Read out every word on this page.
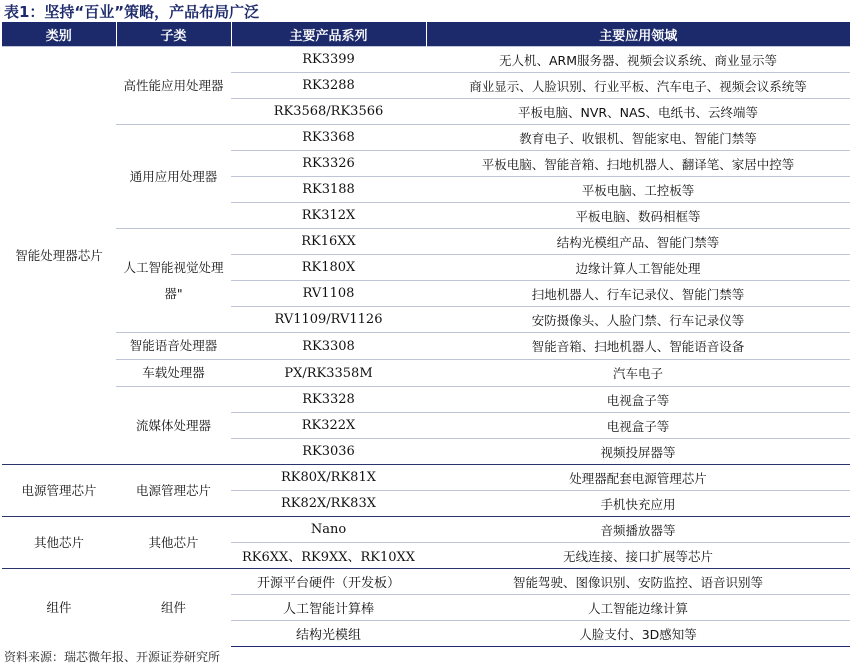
表1：坚持“百业”策略，产品布局广泛
类别	子类	主要产品系列	主要应用领域
智能处理器芯片	高性能应用处理器	RK3399	无人机、ARM服务器、视频会议系统、商业显示等
		RK3288	商业显示、人脸识别、行业平板、汽车电子、视频会议系统等
		RK3568/RK3566	平板电脑、NVR、NAS、电纸书、云终端等
	通用应用处理器	RK3368	教育电子、收银机、智能家电、智能门禁等
		RK3326	平板电脑、智能音箱、扫地机器人、翻译笔、家居中控等
		RK3188	平板电脑、工控板等
		RK312X	平板电脑、数码相框等
	人工智能视觉处理器"	RK16XX	结构光模组产品、智能门禁等
		RK180X	边缘计算人工智能处理
		RV1108	扫地机器人、行车记录仪、智能门禁等
		RV1109/RV1126	安防摄像头、人脸门禁、行车记录仪等
	智能语音处理器	RK3308	智能音箱、扫地机器人、智能语音设备
	车载处理器	PX/RK3358M	汽车电子
	流媒体处理器	RK3328	电视盒子等
		RK322X	电视盒子等
		RK3036	视频投屏器等
电源管理芯片	电源管理芯片	RK80X/RK81X	处理器配套电源管理芯片
		RK82X/RK83X	手机快充应用
其他芯片	其他芯片	Nano	音频播放器等
		RK6XX、RK9XX、RK10XX	无线连接、接口扩展等芯片
组件	组件	开源平台硬件（开发板）	智能驾驶、图像识别、安防监控、语音识别等
		人工智能计算棒	人工智能边缘计算
		结构光模组	人脸支付、3D感知等
资料来源：瑞芯微年报、开源证券研究所
